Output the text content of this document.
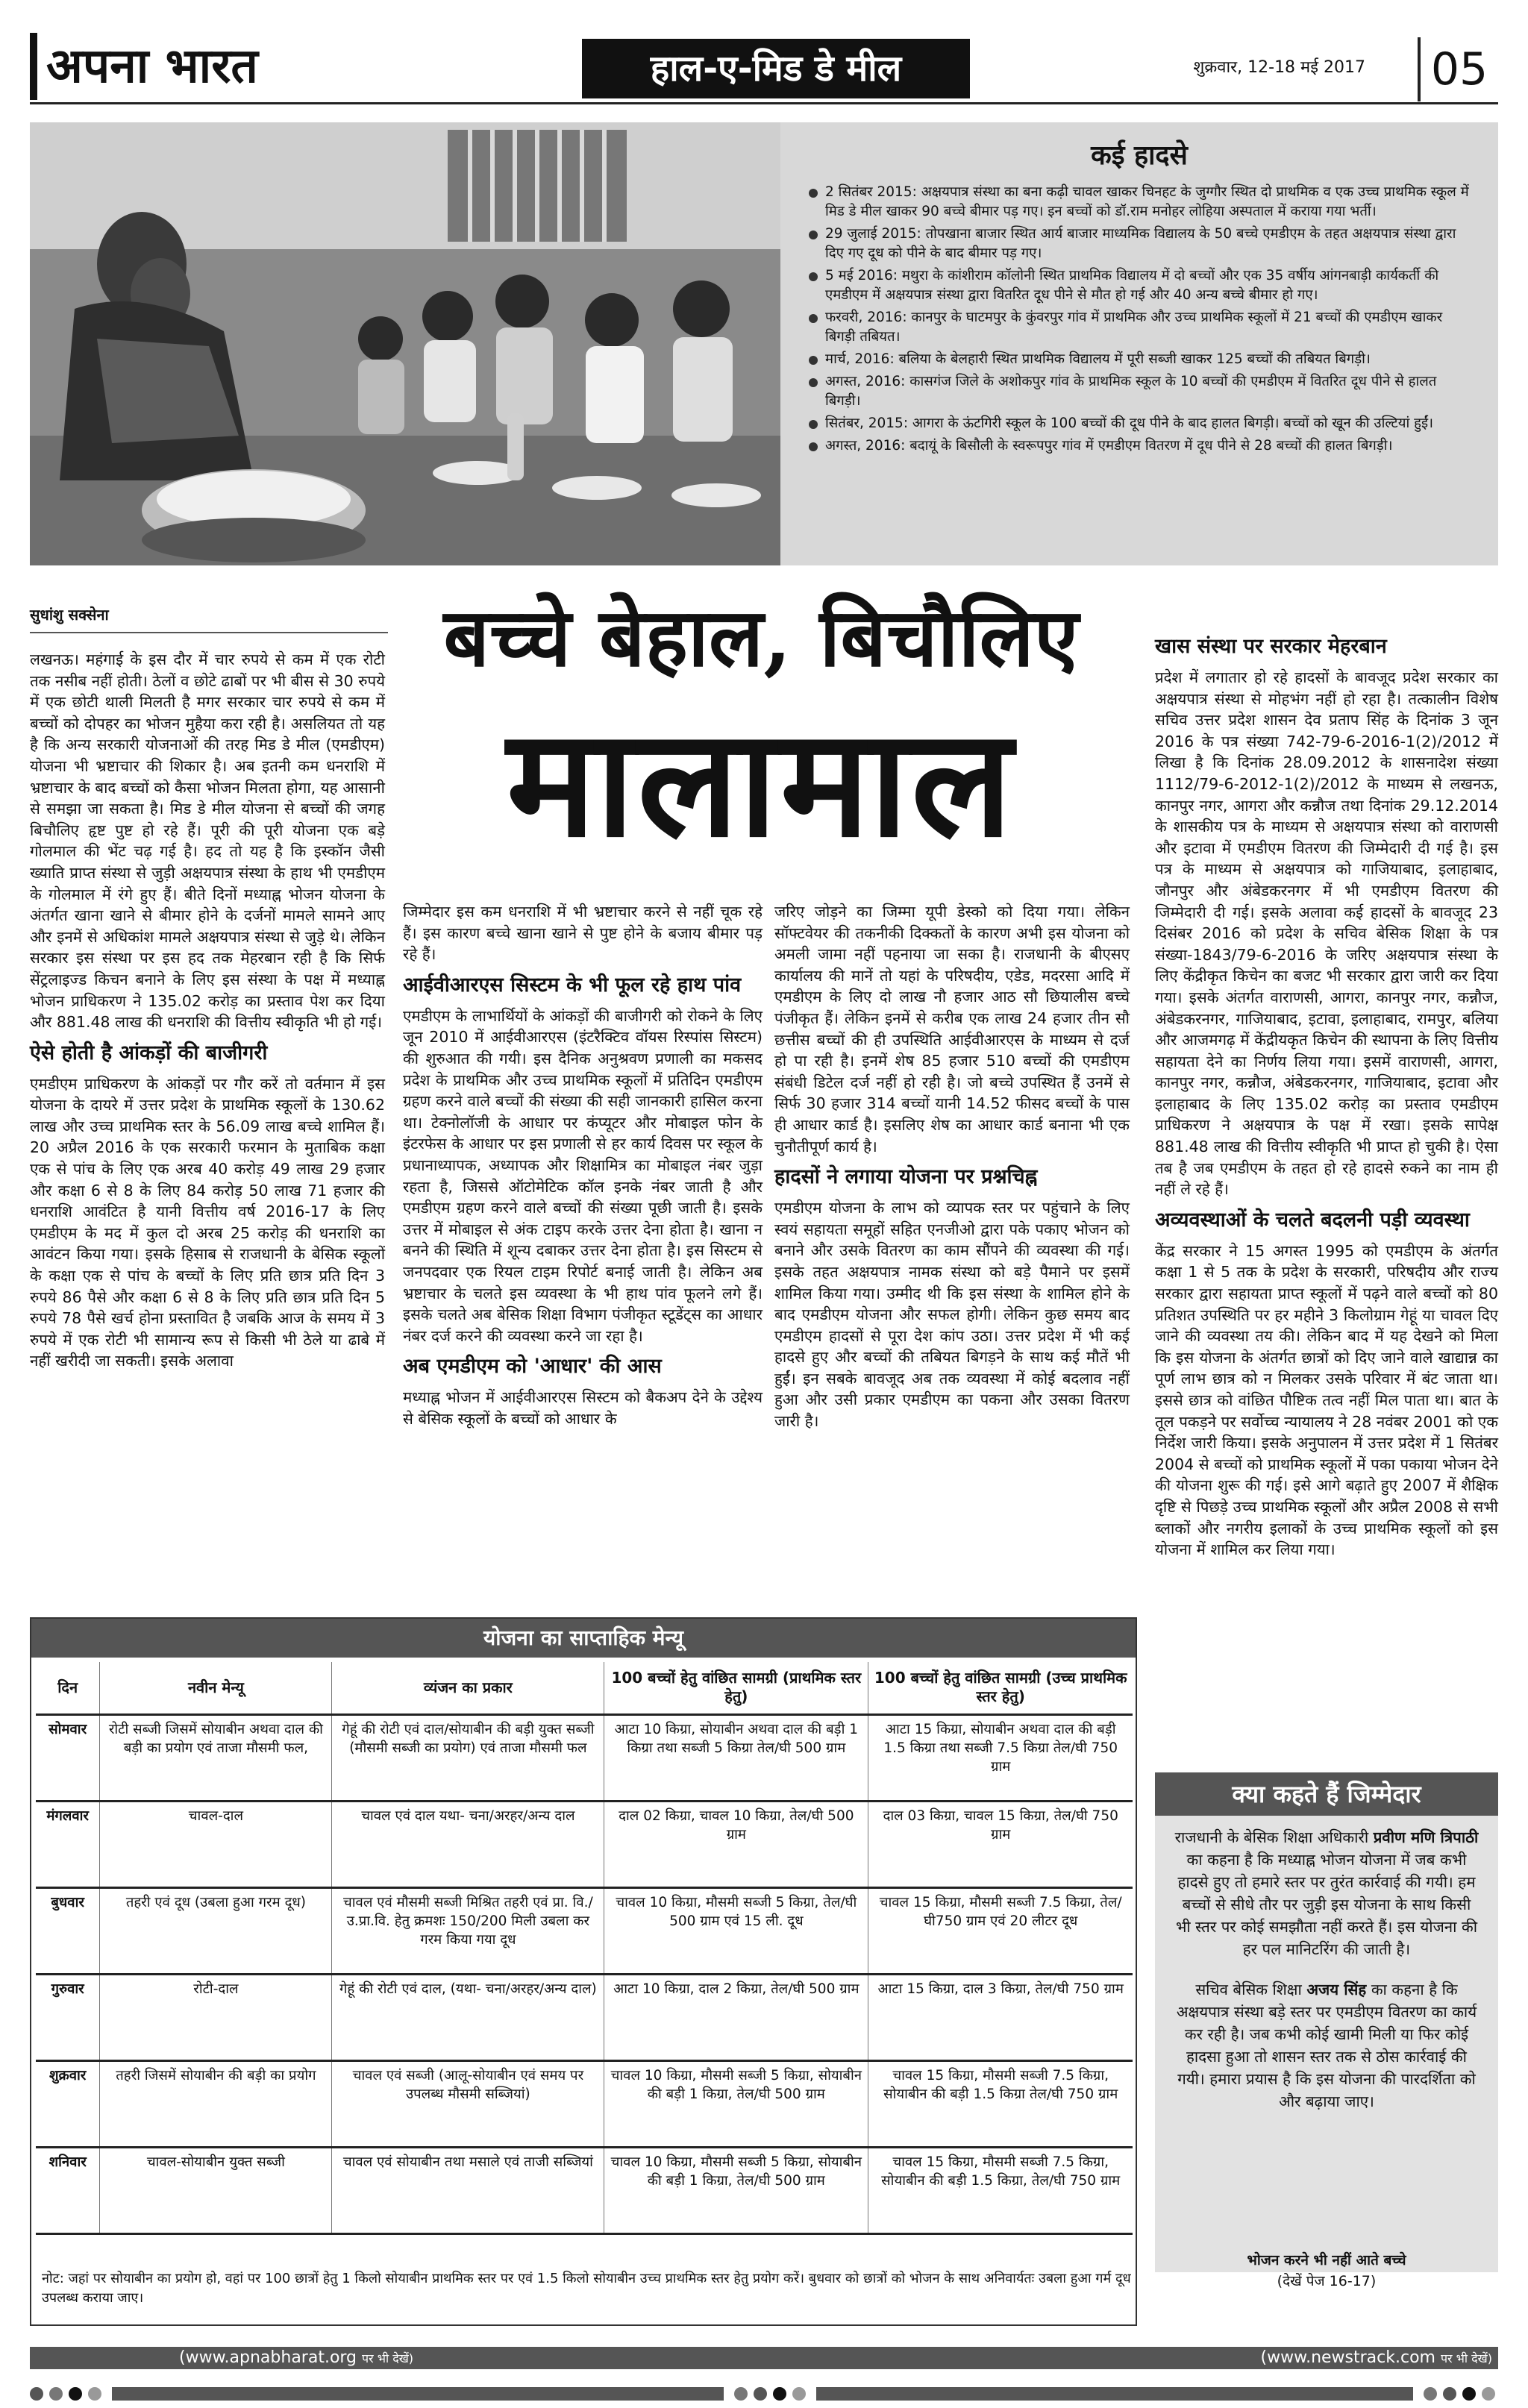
अपना भारत	हाल-ए-मिड डे मील	शुक्रवार, 12-18 मई 2017 05
कई हादसे
2 सितंबर 2015: अक्षयपात्र संस्था का बना कढ़ी चावल खाकर चिनहट के जुग्गौर स्थित दो प्राथमिक व एक उच्च प्राथमिक स्कूल में मिड डे मील खाकर 90 बच्चे बीमार पड़ गए। इन बच्चों को डॉ.राम मनोहर लोहिया अस्पताल में कराया गया भर्ती।
29 जुलाई 2015: तोपखाना बाजार स्थित आर्य बाजार माध्यमिक विद्यालय के 50 बच्चे एमडीएम के तहत अक्षयपात्र संस्था द्वारा दिए गए दूध को पीने के बाद बीमार पड़ गए।
5 मई 2016: मथुरा के कांशीराम कॉलोनी स्थित प्राथमिक विद्यालय में दो बच्चों और एक 35 वर्षीय आंगनबाड़ी कार्यकर्ती की एमडीएम में अक्षयपात्र संस्था द्वारा वितरित दूध पीने से मौत हो गई और 40 अन्य बच्चे बीमार हो गए।
फरवरी, 2016: कानपुर के घाटमपुर के कुंवरपुर गांव में प्राथमिक और उच्च प्राथमिक स्कूलों में 21 बच्चों की एमडीएम खाकर बिगड़ी तबियत।
मार्च, 2016: बलिया के बेलहारी स्थित प्राथमिक विद्यालय में पूरी सब्जी खाकर 125 बच्चों की तबियत बिगड़ी।
अगस्त, 2016: कासगंज जिले के अशोकपुर गांव के प्राथमिक स्कूल के 10 बच्चों की एमडीएम में वितरित दूध पीने से हालत बिगड़ी।
सितंबर, 2015: आगरा के ऊंटगिरी स्कूल के 100 बच्चों की दूध पीने के बाद हालत बिगड़ी। बच्चों को खून की उल्टियां हुईं।
अगस्त, 2016: बदायूं के बिसौली के स्वरूपपुर गांव में एमडीएम वितरण में दूध पीने से 28 बच्चों की हालत बिगड़ी।
सुधांशु सक्सेना	बच्चे बेहाल, बिचौलिए
मालामाल

लखनऊ। महंगाई के इस दौर में चार रुपये से कम में एक रोटी तक नसीब नहीं होती। ठेलों व छोटे ढाबों पर भी बीस से 30 रुपये में एक छोटी थाली मिलती है मगर सरकार चार रुपये से कम में बच्चों को दोपहर का भोजन मुहैया करा रही है। असलियत तो यह है कि अन्य सरकारी योजनाओं की तरह मिड डे मील (एमडीएम) योजना भी भ्रष्टाचार की शिकार है। अब इतनी कम धनराशि में भ्रष्टाचार के बाद बच्चों को कैसा भोजन मिलता होगा, यह आसानी से समझा जा सकता है। मिड डे मील योजना से बच्चों की जगह बिचौलिए हृष्ट पुष्ट हो रहे हैं। पूरी की पूरी योजना एक बड़े गोलमाल की भेंट चढ़ गई है। हद तो यह है कि इस्कॉन जैसी ख्याति प्राप्त संस्था से जुड़ी अक्षयपात्र संस्था के हाथ भी एमडीएम के गोलमाल में रंगे हुए हैं। बीते दिनों मध्याह्न भोजन योजना के अंतर्गत खाना खाने से बीमार होने के दर्जनों मामले सामने आए और इनमें से अधिकांश मामले अक्षयपात्र संस्था से जुड़े थे। लेकिन सरकार इस संस्था पर इस हद तक मेहरबान रही है कि सिर्फ सेंट्रलाइज्ड किचन बनाने के लिए इस संस्था के पक्ष में मध्याह्न भोजन प्राधिकरण ने 135.02 करोड़ का प्रस्ताव पेश कर दिया और 881.48 लाख की धनराशि की वित्तीय स्वीकृति भी हो गई।

ऐसे होती है आंकड़ों की बाजीगरी

एमडीएम प्राधिकरण के आंकड़ों पर गौर करें तो वर्तमान में इस योजना के दायरे में उत्तर प्रदेश के प्राथमिक स्कूलों के 130.62 लाख और उच्च प्राथमिक स्तर के 56.09 लाख बच्चे शामिल हैं। 20 अप्रैल 2016 के एक सरकारी फरमान के मुताबिक कक्षा एक से पांच के लिए एक अरब 40 करोड़ 49 लाख 29 हजार और कक्षा 6 से 8 के लिए 84 करोड़ 50 लाख 71 हजार की धनराशि आवंटित है यानी वित्तीय वर्ष 2016-17 के लिए एमडीएम के मद में कुल दो अरब 25 करोड़ की धनराशि का आवंटन किया गया। इसके हिसाब से राजधानी के बेसिक स्कूलों के कक्षा एक से पांच के बच्चों के लिए प्रति छात्र प्रति दिन 3 रुपये 86 पैसे और कक्षा 6 से 8 के लिए प्रति छात्र प्रति दिन 5 रुपये 78 पैसे खर्च होना प्रस्तावित है जबकि आज के समय में 3 रुपये में एक रोटी भी सामान्य रूप से किसी भी ठेले या ढाबे में नहीं खरीदी जा सकती। इसके अलावा

जिम्मेदार इस कम धनराशि में भी भ्रष्टाचार करने से नहीं चूक रहे हैं। इस कारण बच्चे खाना खाने से पुष्ट होने के बजाय बीमार पड़ रहे हैं।

आईवीआरएस सिस्टम के भी फूल रहे हाथ पांव

एमडीएम के लाभार्थियों के आंकड़ों की बाजीगरी को रोकने के लिए जून 2010 में आईवीआरएस (इंटरैक्टिव वॉयस रिस्पांस सिस्टम) की शुरुआत की गयी। इस दैनिक अनुश्रवण प्रणाली का मकसद प्रदेश के प्राथमिक और उच्च प्राथमिक स्कूलों में प्रतिदिन एमडीएम ग्रहण करने वाले बच्चों की संख्या की सही जानकारी हासिल करना था। टेक्नोलॉजी के आधार पर कंप्यूटर और मोबाइल फोन के इंटरफेस के आधार पर इस प्रणाली से हर कार्य दिवस पर स्कूल के प्रधानाध्यापक, अध्यापक और शिक्षामित्र का मोबाइल नंबर जुड़ा रहता है, जिससे ऑटोमेटिक कॉल इनके नंबर जाती है और एमडीएम ग्रहण करने वाले बच्चों की संख्या पूछी जाती है। इसके उत्तर में मोबाइल से अंक टाइप करके उत्तर देना होता है। खाना न बनने की स्थिति में शून्य दबाकर उत्तर देना होता है। इस सिस्टम से जनपदवार एक रियल टाइम रिपोर्ट बनाई जाती है। लेकिन अब भ्रष्टाचार के चलते इस व्यवस्था के भी हाथ पांव फूलने लगे हैं। इसके चलते अब बेसिक शिक्षा विभाग पंजीकृत स्टूडेंट्स का आधार नंबर दर्ज करने की व्यवस्था करने जा रहा है।

अब एमडीएम को 'आधार' की आस

मध्याह्न भोजन में आईवीआरएस सिस्टम को बैकअप देने के उद्देश्य से बेसिक स्कूलों के बच्चों को आधार के

जरिए जोड़ने का जिम्मा यूपी डेस्को को दिया गया। लेकिन सॉफ्टवेयर की तकनीकी दिक्कतों के कारण अभी इस योजना को अमली जामा नहीं पहनाया जा सका है। राजधानी के बीएसए कार्यालय की मानें तो यहां के परिषदीय, एडेड, मदरसा आदि में एमडीएम के लिए दो लाख नौ हजार आठ सौ छियालीस बच्चे पंजीकृत हैं। लेकिन इनमें से करीब एक लाख 24 हजार तीन सौ छत्तीस बच्चों की ही उपस्थिति आईवीआरएस के माध्यम से दर्ज हो पा रही है। इनमें शेष 85 हजार 510 बच्चों की एमडीएम संबंधी डिटेल दर्ज नहीं हो रही है। जो बच्चे उपस्थित हैं उनमें से सिर्फ 30 हजार 314 बच्चों यानी 14.52 फीसद बच्चों के पास ही आधार कार्ड है। इसलिए शेष का आधार कार्ड बनाना भी एक चुनौतीपूर्ण कार्य है।

हादसों ने लगाया योजना पर प्रश्नचिह्न

एमडीएम योजना के लाभ को व्यापक स्तर पर पहुंचाने के लिए स्वयं सहायता समूहों सहित एनजीओ द्वारा पके पकाए भोजन को बनाने और उसके वितरण का काम सौंपने की व्यवस्था की गई। इसके तहत अक्षयपात्र नामक संस्था को बड़े पैमाने पर इसमें शामिल किया गया। उम्मीद थी कि इस संस्था के शामिल होने के बाद एमडीएम योजना और सफल होगी। लेकिन कुछ समय बाद एमडीएम हादसों से पूरा देश कांप उठा। उत्तर प्रदेश में भी कई हादसे हुए और बच्चों की तबियत बिगड़ने के साथ कई मौतें भी हुईं। इन सबके बावजूद अब तक व्यवस्था में कोई बदलाव नहीं हुआ और उसी प्रकार एमडीएम का पकना और उसका वितरण जारी है।

खास संस्था पर सरकार मेहरबान

प्रदेश में लगातार हो रहे हादसों के बावजूद प्रदेश सरकार का अक्षयपात्र संस्था से मोहभंग नहीं हो रहा है। तत्कालीन विशेष सचिव उत्तर प्रदेश शासन देव प्रताप सिंह के दिनांक 3 जून 2016 के पत्र संख्या 742-79-6-2016-1(2)/2012 में लिखा है कि दिनांक 28.09.2012 के शासनादेश संख्या 1112/79-6-2012-1(2)/2012 के माध्यम से लखनऊ, कानपुर नगर, आगरा और कन्नौज तथा दिनांक 29.12.2014 के शासकीय पत्र के माध्यम से अक्षयपात्र संस्था को वाराणसी और इटावा में एमडीएम वितरण की जिम्मेदारी दी गई है। इस पत्र के माध्यम से अक्षयपात्र को गाजियाबाद, इलाहाबाद, जौनपुर और अंबेडकरनगर में भी एमडीएम वितरण की जिम्मेदारी दी गई। इसके अलावा कई हादसों के बावजूद 23 दिसंबर 2016 को प्रदेश के सचिव बेसिक शिक्षा के पत्र संख्या-1843/79-6-2016 के जरिए अक्षयपात्र संस्था के लिए केंद्रीकृत किचेन का बजट भी सरकार द्वारा जारी कर दिया गया। इसके अंतर्गत वाराणसी, आगरा, कानपुर नगर, कन्नौज, अंबेडकरनगर, गाजियाबाद, इटावा, इलाहाबाद, रामपुर, बलिया और आजमगढ़ में केंद्रीयकृत किचेन की स्थापना के लिए वित्तीय सहायता देने का निर्णय लिया गया। इसमें वाराणसी, आगरा, कानपुर नगर, कन्नौज, अंबेडकरनगर, गाजियाबाद, इटावा और इलाहाबाद के लिए 135.02 करोड़ का प्रस्ताव एमडीएम प्राधिकरण ने अक्षयपात्र के पक्ष में रखा। इसके सापेक्ष 881.48 लाख की वित्तीय स्वीकृति भी प्राप्त हो चुकी है। ऐसा तब है जब एमडीएम के तहत हो रहे हादसे रुकने का नाम ही नहीं ले रहे हैं।

अव्यवस्थाओं के चलते बदलनी पड़ी व्यवस्था

केंद्र सरकार ने 15 अगस्त 1995 को एमडीएम के अंतर्गत कक्षा 1 से 5 तक के प्रदेश के सरकारी, परिषदीय और राज्य सरकार द्वारा सहायता प्राप्त स्कूलों में पढ़ने वाले बच्चों को 80 प्रतिशत उपस्थिति पर हर महीने 3 किलोग्राम गेहूं या चावल दिए जाने की व्यवस्था तय की। लेकिन बाद में यह देखने को मिला कि इस योजना के अंतर्गत छात्रों को दिए जाने वाले खाद्यान्न का पूर्ण लाभ छात्र को न मिलकर उसके परिवार में बंट जाता था। इससे छात्र को वांछित पौष्टिक तत्व नहीं मिल पाता था। बात के तूल पकड़ने पर सर्वोच्च न्यायालय ने 28 नवंबर 2001 को एक निर्देश जारी किया। इसके अनुपालन में उत्तर प्रदेश में 1 सितंबर 2004 से बच्चों को प्राथमिक स्कूलों में पका पकाया भोजन देने की योजना शुरू की गई। इसे आगे बढ़ाते हुए 2007 में शैक्षिक दृष्टि से पिछड़े उच्च प्राथमिक स्कूलों और अप्रैल 2008 से सभी ब्लाकों और नगरीय इलाकों के उच्च प्राथमिक स्कूलों को इस योजना में शामिल कर लिया गया।

योजना का साप्ताहिक मेन्यू
दिन	नवीन मेन्यू	व्यंजन का प्रकार	100 बच्चों हेतु वांछित सामग्री (प्राथमिक स्तर हेतु)	100 बच्चों हेतु वांछित सामग्री (उच्च प्राथमिक स्तर हेतु)
सोमवार	रोटी सब्जी जिसमें सोयाबीन अथवा दाल की बड़ी का प्रयोग एवं ताजा मौसमी फल,	गेहूं की रोटी एवं दाल/सोयाबीन की बड़ी युक्त सब्जी (मौसमी सब्जी का प्रयोग) एवं ताजा मौसमी फल	आटा 10 किग्रा, सोयाबीन अथवा दाल की बड़ी 1 किग्रा तथा सब्जी 5 किग्रा तेल/घी 500 ग्राम	आटा 15 किग्रा, सोयाबीन अथवा दाल की बड़ी 1.5 किग्रा तथा सब्जी 7.5 किग्रा तेल/घी 750 ग्राम
मंगलवार	चावल-दाल	चावल एवं दाल यथा- चना/अरहर/अन्य दाल	दाल 02 किग्रा, चावल 10 किग्रा, तेल/घी 500 ग्राम	दाल 03 किग्रा, चावल 15 किग्रा, तेल/घी 750 ग्राम
बुधवार	तहरी एवं दूध (उबला हुआ गरम दूध)	चावल एवं मौसमी सब्जी मिश्रित तहरी एवं प्रा. वि./उ.प्रा.वि. हेतु क्रमशः 150/200 मिली उबला कर गरम किया गया दूध	चावल 10 किग्रा, मौसमी सब्जी 5 किग्रा, तेल/घी 500 ग्राम एवं 15 ली. दूध	चावल 15 किग्रा, मौसमी सब्जी 7.5 किग्रा, तेल/घी750 ग्राम एवं 20 लीटर दूध
गुरुवार	रोटी-दाल	गेहूं की रोटी एवं दाल, (यथा- चना/अरहर/अन्य दाल)	आटा 10 किग्रा, दाल 2 किग्रा, तेल/घी 500 ग्राम	आटा 15 किग्रा, दाल 3 किग्रा, तेल/घी 750 ग्राम
शुक्रवार	तहरी जिसमें सोयाबीन की बड़ी का प्रयोग	चावल एवं सब्जी (आलू-सोयाबीन एवं समय पर उपलब्ध मौसमी सब्जियां)	चावल 10 किग्रा, मौसमी सब्जी 5 किग्रा, सोयाबीन की बड़ी 1 किग्रा, तेल/घी 500 ग्राम	चावल 15 किग्रा, मौसमी सब्जी 7.5 किग्रा, सोयाबीन की बड़ी 1.5 किग्रा तेल/घी 750 ग्राम
शनिवार	चावल-सोयाबीन युक्त सब्जी	चावल एवं सोयाबीन तथा मसाले एवं ताजी सब्जियां	चावल 10 किग्रा, मौसमी सब्जी 5 किग्रा, सोयाबीन की बड़ी 1 किग्रा, तेल/घी 500 ग्राम	चावल 15 किग्रा, मौसमी सब्जी 7.5 किग्रा, सोयाबीन की बड़ी 1.5 किग्रा, तेल/घी 750 ग्राम
नोट: जहां पर सोयाबीन का प्रयोग हो, वहां पर 100 छात्रों हेतु 1 किलो सोयाबीन प्राथमिक स्तर पर एवं 1.5 किलो सोयाबीन उच्च प्राथमिक स्तर हेतु प्रयोग करें। बुधवार को छात्रों को भोजन के साथ अनिवार्यतः उबला हुआ गर्म दूध उपलब्ध कराया जाए।
क्या कहते हैं जिम्मेदार

राजधानी के बेसिक शिक्षा अधिकारी प्रवीण मणि त्रिपाठी का कहना है कि मध्याह्न भोजन योजना में जब कभी हादसे हुए तो हमारे स्तर पर तुरंत कार्रवाई की गयी। हम बच्चों से सीधे तौर पर जुड़ी इस योजना के साथ किसी भी स्तर पर कोई समझौता नहीं करते हैं। इस योजना की हर पल मानिटरिंग की जाती है।

सचिव बेसिक शिक्षा अजय सिंह का कहना है कि अक्षयपात्र संस्था बड़े स्तर पर एमडीएम वितरण का कार्य कर रही है। जब कभी कोई खामी मिली या फिर कोई हादसा हुआ तो शासन स्तर तक से ठोस कार्रवाई की गयी। हमारा प्रयास है कि इस योजना की पारदर्शिता को और बढ़ाया जाए।

भोजन करने भी नहीं आते बच्चे
(देखें पेज 16-17)
(www.apnabharat.org पर भी देखें)	(www.newstrack.com पर भी देखें)
